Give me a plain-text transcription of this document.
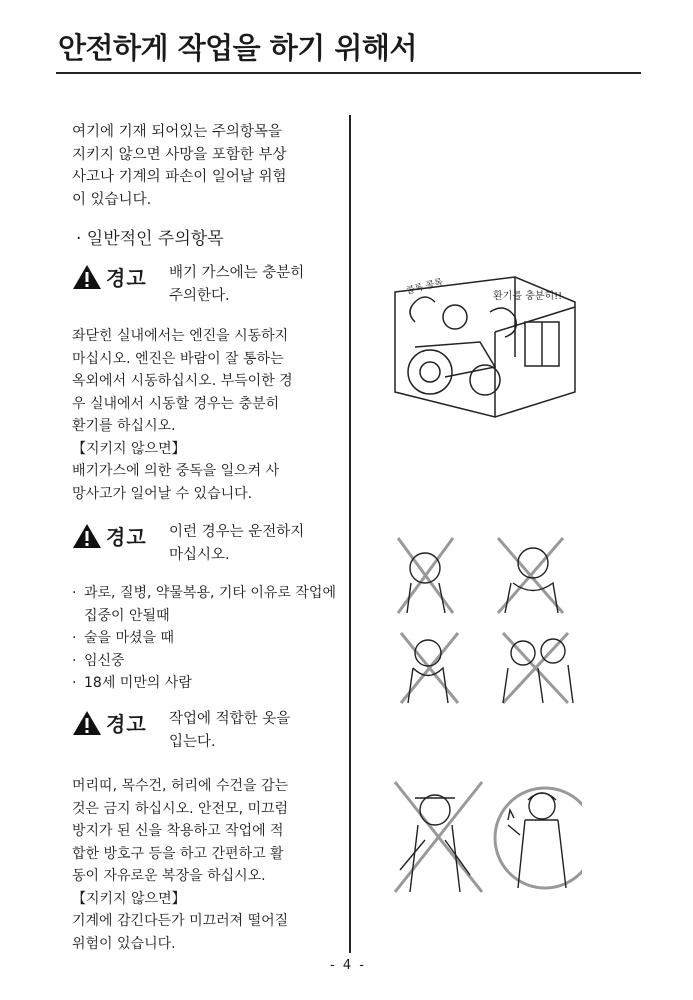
안전하게 작업을 하기 위해서
여기에 기재 되어있는 주의항목을
지키지 않으면 사망을 포함한 부상
사고나 기계의 파손이 일어날 위험
이 있습니다.
· 일반적인 주의항목
경고 배기 가스에는 충분히
주의한다.
좌닫힌 실내에서는 엔진을 시동하지
마십시오. 엔진은 바람이 잘 통하는
옥외에서 시동하십시오. 부득이한 경
우 실내에서 시동할 경우는 충분히
환기를 하십시오.
【지키지 않으면】
배기가스에 의한 중독을 일으켜 사
망사고가 일어날 수 있습니다.
경고 이런 경우는 운전하지
마십시오.
· 과로, 질병, 약물복용, 기타 이유로 작업에 집중이 안될때
· 술을 마셨을 때
· 임신중
· 18세 미만의 사람
경고 작업에 적합한 옷을
입는다.
머리띠, 목수건, 허리에 수건을 감는
것은 금지 하십시오. 안전모, 미끄럼
방지가 된 신을 착용하고 작업에 적
합한 방호구 등을 하고 간편하고 활
동이 자유로운 복장을 하십시오.
【지키지 않으면】
기계에 감긴다든가 미끄러져 떨어질
위험이 있습니다.
콜록 콜록	환기를 충분히!!
- 4 -
